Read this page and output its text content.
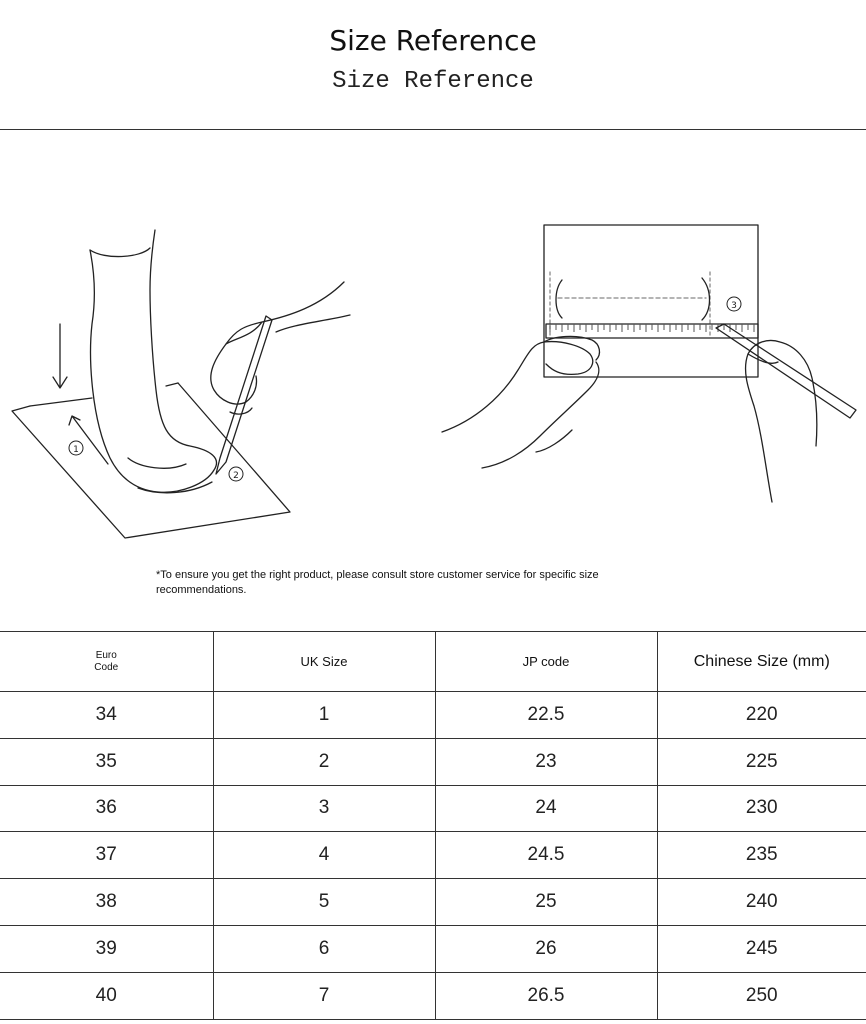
Size Reference
Size Reference
1
2
3
*To ensure you get the right product, please consult store customer service for specific size recommendations.
Euro
Code	UK Size	JP code	Chinese Size (mm)
34	1	22.5	220
35	2	23	225
36	3	24	230
37	4	24.5	235
38	5	25	240
39	6	26	245
40	7	26.5	250
